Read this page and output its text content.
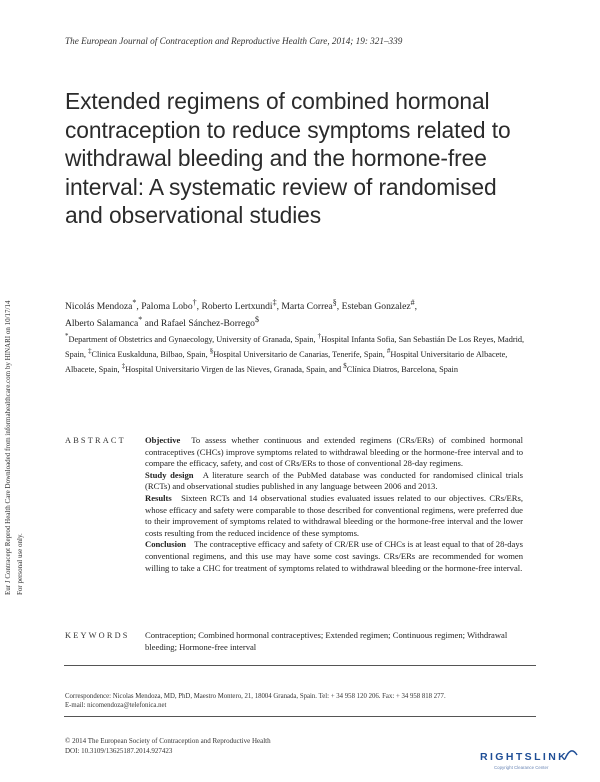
Eur J Contracept Reprod Health Care Downloaded from informahealthcare.com by HINARI on 10/17/14 For personal use only.
The European Journal of Contraception and Reproductive Health Care, 2014; 19: 321–339
Extended regimens of combined hormonal contraception to reduce symptoms related to withdrawal bleeding and the hormone-free interval: A systematic review of randomised and observational studies
Nicolás Mendoza*, Paloma Lobo†, Roberto Lertxundi‡, Marta Correa§, Esteban Gonzalez#,
Alberto Salamanca* and Rafael Sánchez-Borrego$
*Department of Obstetrics and Gynaecology, University of Granada, Spain, †Hospital Infanta Sofia, San Sebastián De Los Reyes, Madrid, Spain, ‡Clinica Euskalduna, Bilbao, Spain, §Hospital Universitario de Canarias, Tenerife, Spain, #Hospital Universitario de Albacete, Albacete, Spain, ‡Hospital Universitario Virgen de las Nieves, Granada, Spain, and $Clínica Diatros, Barcelona, Spain
ABSTRACT Objective To assess whether continuous and extended regimens (CRs/ERs) of combined hormonal contraceptives (CHCs) improve symptoms related to withdrawal bleeding or the hormone-free interval and to compare the efficacy, safety, and cost of CRs/ERs to those of conventional 28-day regimens.

Study design A literature search of the PubMed database was conducted for randomised clinical trials (RCTs) and observational studies published in any language between 2006 and 2013.

Results Sixteen RCTs and 14 observational studies evaluated issues related to our objectives. CRs/ERs, whose efficacy and safety were comparable to those described for conventional regimens, were preferred due to their improvement of symptoms related to withdrawal bleeding or the hormone-free interval and the lower costs resulting from the reduced incidence of these symptoms.

Conclusion The contraceptive efficacy and safety of CR/ER use of CHCs is at least equal to that of 28-days conventional regimens, and this use may have some cost savings. CRs/ERs are recommended for women willing to take a CHC for treatment of symptoms related to withdrawal bleeding or the hormone-free interval.

KEYWORDS Contraception; Combined hormonal contraceptives; Extended regimen; Continuous regimen; Withdrawal bleeding; Hormone-free interval
Correspondence: Nicolas Mendoza, MD, PhD, Maestro Montero, 21, 18004 Granada, Spain. Tel: + 34 958 120 206. Fax: + 34 958 818 277.
E-mail: nicomendoza@telefonica.net
© 2014 The European Society of Contraception and Reproductive Health
DOI: 10.3109/13625187.2014.927423
RIGHTSLINK
Copyright Clearance Center
